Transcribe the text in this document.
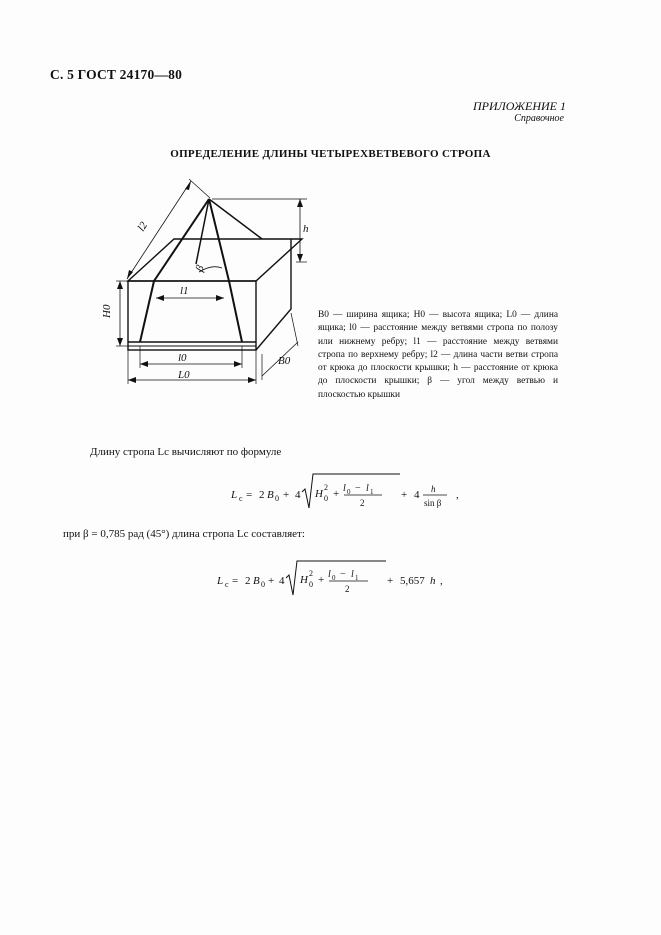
С. 5 ГОСТ 24170—80
ПРИЛОЖЕНИЕ 1
Справочное
ОПРЕДЕЛЕНИЕ ДЛИНЫ ЧЕТЫРЕХВЕТВЕВОГО СТРОПА
l2	h
H0
l1
β
l0
L0
B0
L c = 2 B 0 + 4 H 0
2
+ l 0 − l 1
2
+ 4 h
sin β
,
L c = 2 B 0 + 4 H 0
2
+ l 0 − l 1
2
+ 5,657 h ,
B0 — ширина ящика; H0 — высота ящика; L0 — длина ящика; l0 — расстояние между ветвями стропа по полозу или нижнему ребру; l1 — расстояние между ветвями стропа по верхнему ребру; l2 — длина части ветви стропа от крюка до плоскости крышки; h — расстояние от крюка до плоскости крышки; β — угол между ветвью и плоскостью крышки
Длину стропа Lc вычисляют по формуле
при β = 0,785 рад (45°) длина стропа Lc составляет:
